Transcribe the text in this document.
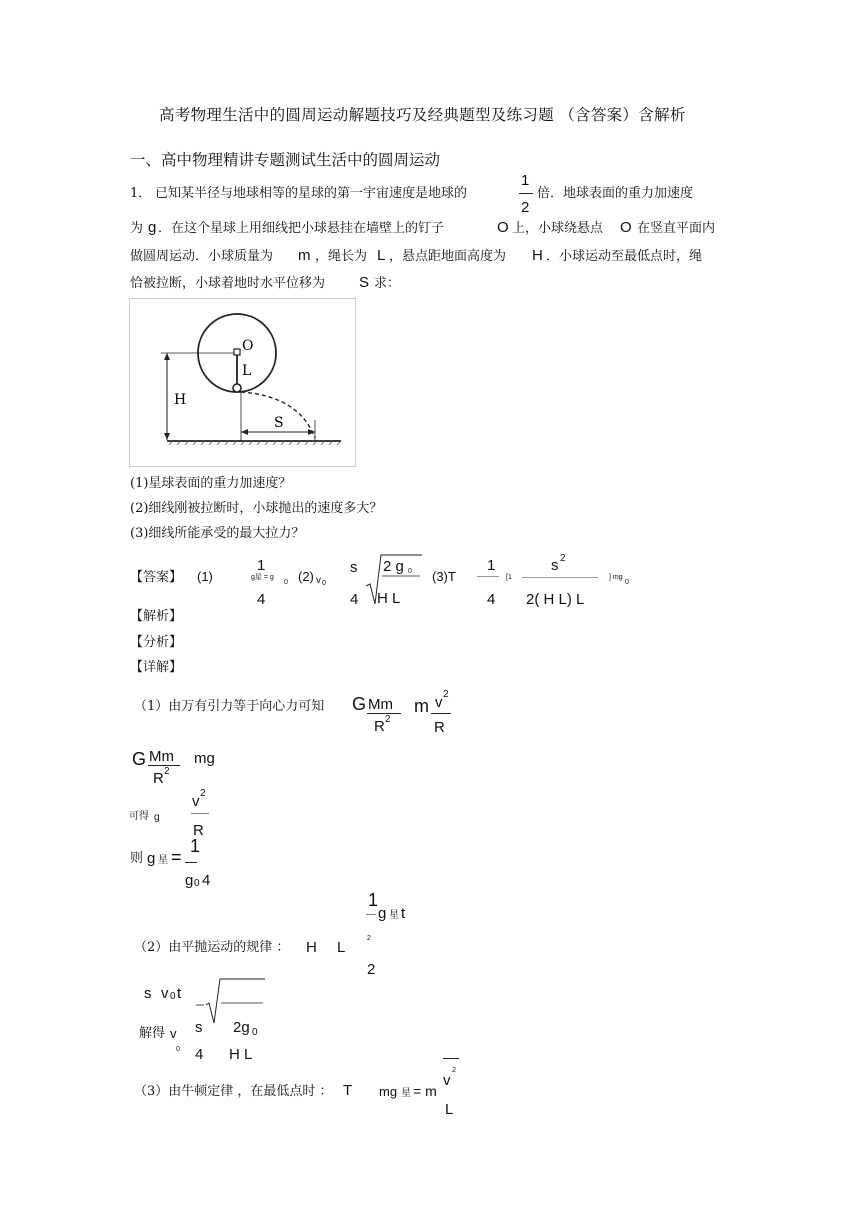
高考物理生活中的圆周运动解题技巧及经典题型及练习题 （含答案）含解析
一、高中物理精讲专题测试生活中的圆周运动
1． 已知某半径与地球相等的星球的第一宇宙速度是地球的
1
2
倍．地球表面的重力加速度
为 g ．在这个星球上用细线把小球悬挂在墙壁上的钉子	O 上，小球绕悬点 O 在竖直平面内
做圆周运动．小球质量为 m ，绳长为 L ，悬点距地面高度为 H ．小球运动至最低点时，绳
恰被拉断，小球着地时水平位移为 S 求：
O
L
H
S
(1)星球表面的重力加速度？
(2)细线刚被拉断时，小球抛出的速度多大？
(3)细线所能承受的最大拉力？
【答案】 (1)
1
g星 = g
0
4
(2) v 0
s
4
2 g 0
H L
(3)T
1
4
[1
s 2
2( H L) L
] mg
0
【解析】
【分析】
【详解】
（1）由万有引力等于向心力可知 G Mm
R 2
m v 2
R
G Mm mg
R 2
v 2
可得 g
R
则 g 星 =
1
g 0 4
1
g 星 t
2
（2）由平抛运动的规律 ： H L
2
s v 0 t
解得 v
0
s 2g 0
4 H L
2
v
（3）由牛顿定律 ，在最低点时 ： T mg 星 = m
L
